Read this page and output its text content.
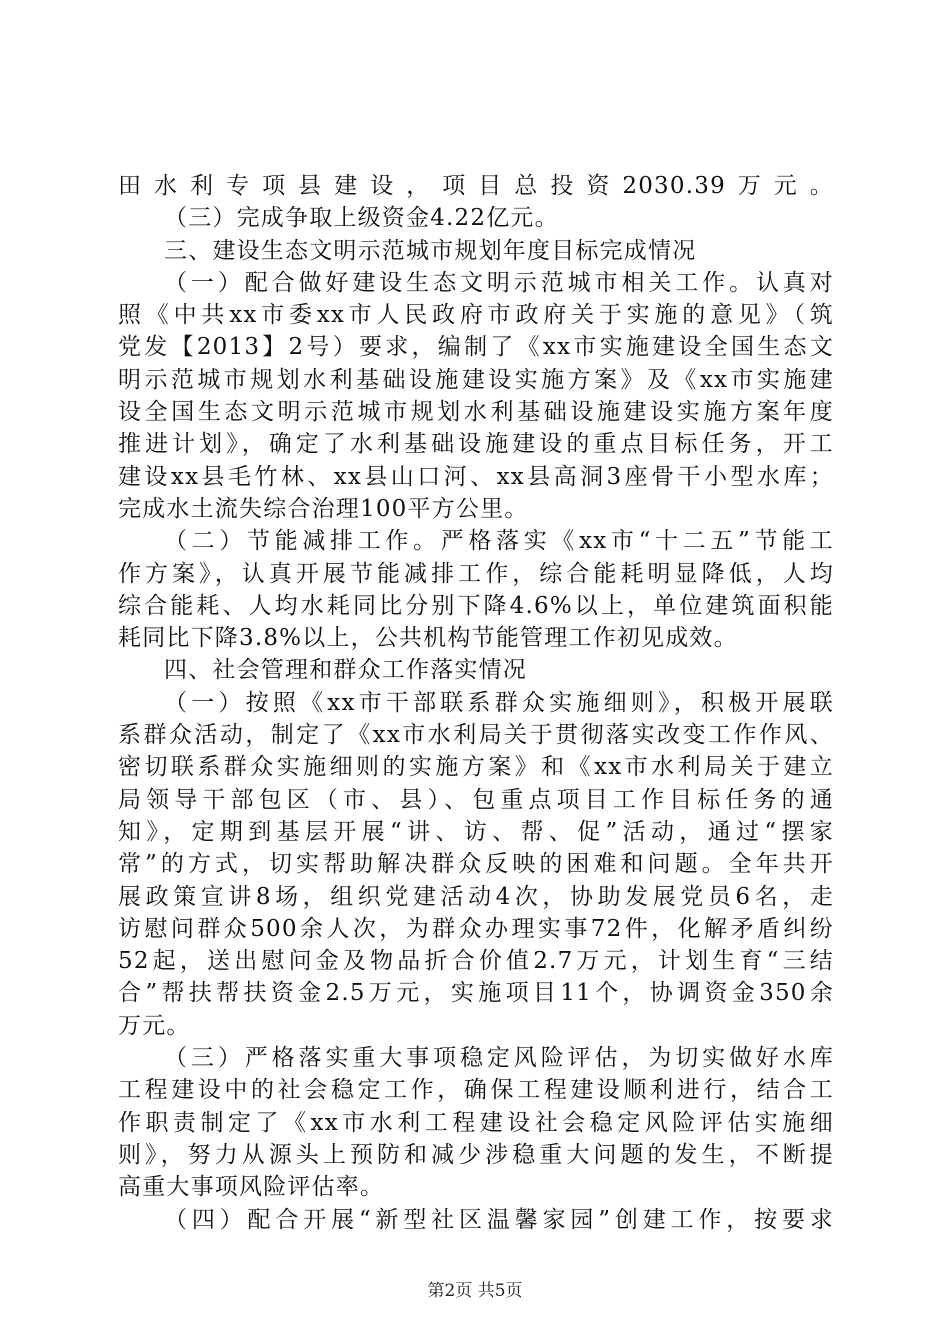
田水利专项县建设，项目总投资2030.39万元。
（三）完成争取上级资金4.22亿元。
三、建设生态文明示范城市规划年度目标完成情况
（一）配合做好建设生态文明示范城市相关工作。认真对
照《中共xx市委xx市人民政府市政府关于实施的意见》（筑
党发【2013】2号）要求，编制了《xx市实施建设全国生态文
明示范城市规划水利基础设施建设实施方案》及《xx市实施建
设全国生态文明示范城市规划水利基础设施建设实施方案年度
推进计划》，确定了水利基础设施建设的重点目标任务，开工
建设xx县毛竹林、xx县山口河、xx县高洞3座骨干小型水库；
完成水土流失综合治理100平方公里。
（二）节能减排工作。严格落实《xx市“十二五”节能工
作方案》，认真开展节能减排工作，综合能耗明显降低，人均
综合能耗、人均水耗同比分别下降4.6%以上，单位建筑面积能
耗同比下降3.8%以上，公共机构节能管理工作初见成效。
四、社会管理和群众工作落实情况
（一）按照《xx市干部联系群众实施细则》，积极开展联
系群众活动，制定了《xx市水利局关于贯彻落实改变工作作风、
密切联系群众实施细则的实施方案》和《xx市水利局关于建立
局领导干部包区（市、县）、包重点项目工作目标任务的通
知》，定期到基层开展“讲、访、帮、促”活动，通过“摆家
常”的方式，切实帮助解决群众反映的困难和问题。全年共开
展政策宣讲8场，组织党建活动4次，协助发展党员6名，走
访慰问群众500余人次，为群众办理实事72件，化解矛盾纠纷
52起，送出慰问金及物品折合价值2.7万元，计划生育“三结
合”帮扶帮扶资金2.5万元，实施项目11个，协调资金350余
万元。
（三）严格落实重大事项稳定风险评估，为切实做好水库
工程建设中的社会稳定工作，确保工程建设顺利进行，结合工
作职责制定了《xx市水利工程建设社会稳定风险评估实施细
则》，努力从源头上预防和减少涉稳重大问题的发生，不断提
高重大事项风险评估率。
（四）配合开展“新型社区温馨家园”创建工作，按要求
第2页 共5页
